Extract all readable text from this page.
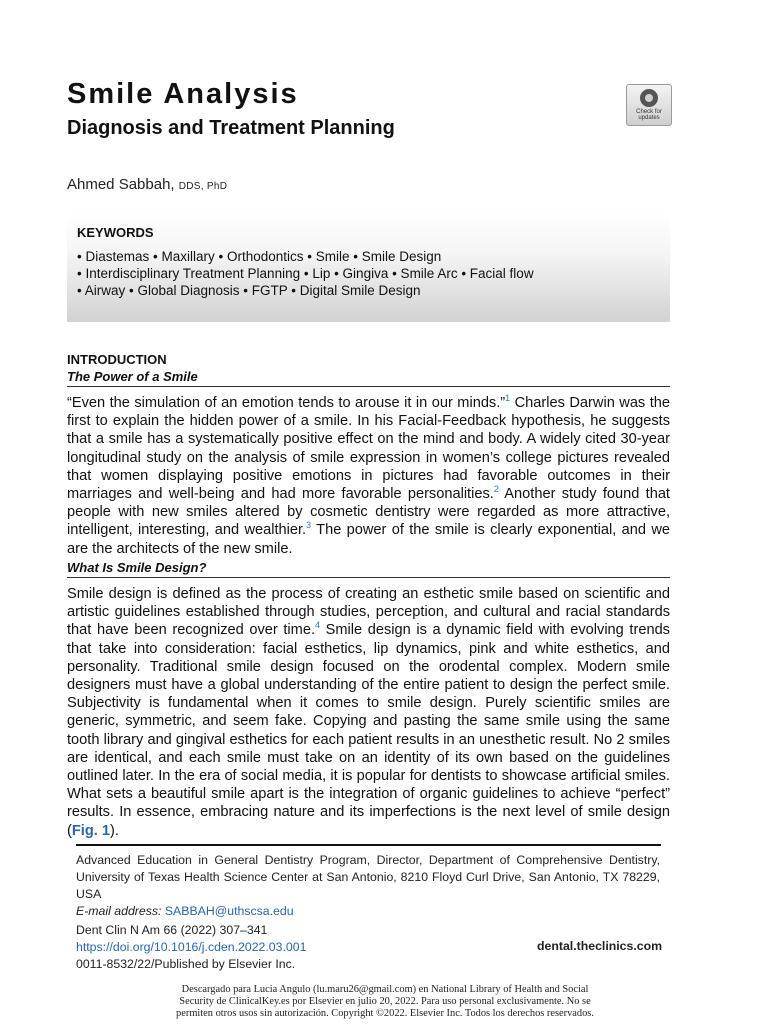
Smile Analysis
Diagnosis and Treatment Planning
Check for updates
Ahmed Sabbah, DDS, PhD
KEYWORDS
• Diastemas • Maxillary • Orthodontics • Smile • Smile Design
• Interdisciplinary Treatment Planning • Lip • Gingiva • Smile Arc • Facial flow
• Airway • Global Diagnosis • FGTP • Digital Smile Design
INTRODUCTION
The Power of a Smile

“Even the simulation of an emotion tends to arouse it in our minds.”$^1$ Charles Darwin was the first to explain the hidden power of a smile. In his Facial-Feedback hypothesis, he suggests that a smile has a systematically positive effect on the mind and body. A widely cited 30-year longitudinal study on the analysis of smile expression in women’s college pictures revealed that women displaying positive emotions in pictures had favorable outcomes in their marriages and well-being and had more favorable personalities.$^2$ Another study found that people with new smiles altered by cosmetic dentistry were regarded as more attractive, intelligent, interesting, and wealthier.$^3$ The power of the smile is clearly exponential, and we are the architects of the new smile.

What Is Smile Design?

Smile design is defined as the process of creating an esthetic smile based on scientific and artistic guidelines established through studies, perception, and cultural and racial standards that have been recognized over time.$^4$ Smile design is a dynamic field with evolving trends that take into consideration: facial esthetics, lip dynamics, pink and white esthetics, and personality. Traditional smile design focused on the orodental complex. Modern smile designers must have a global understanding of the entire patient to design the perfect smile. Subjectivity is fundamental when it comes to smile design. Purely scientific smiles are generic, symmetric, and seem fake. Copying and pasting the same smile using the same tooth library and gingival esthetics for each patient results in an unesthetic result. No 2 smiles are identical, and each smile must take on an identity of its own based on the guidelines outlined later. In the era of social media, it is popular for dentists to showcase artificial smiles. What sets a beautiful smile apart is the integration of organic guidelines to achieve “perfect” results. In essence, embracing nature and its imperfections is the next level of smile design (Fig. 1).

Advanced Education in General Dentistry Program, Director, Department of Comprehensive Dentistry, University of Texas Health Science Center at San Antonio, 8210 Floyd Curl Drive, San Antonio, TX 78229, USA
E-mail address: SABBAH@uthscsa.edu
Dent Clin N Am 66 (2022) 307–341
https://doi.org/10.1016/j.cden.2022.03.001
0011-8532/22/Published by Elsevier Inc.
dental.theclinics.com
Descargado para Lucia Angulo (lu.maru26@gmail.com) en National Library of Health and Social
Security de ClinicalKey.es por Elsevier en julio 20, 2022. Para uso personal exclusivamente. No se
permiten otros usos sin autorización. Copyright ©2022. Elsevier Inc. Todos los derechos reservados.
